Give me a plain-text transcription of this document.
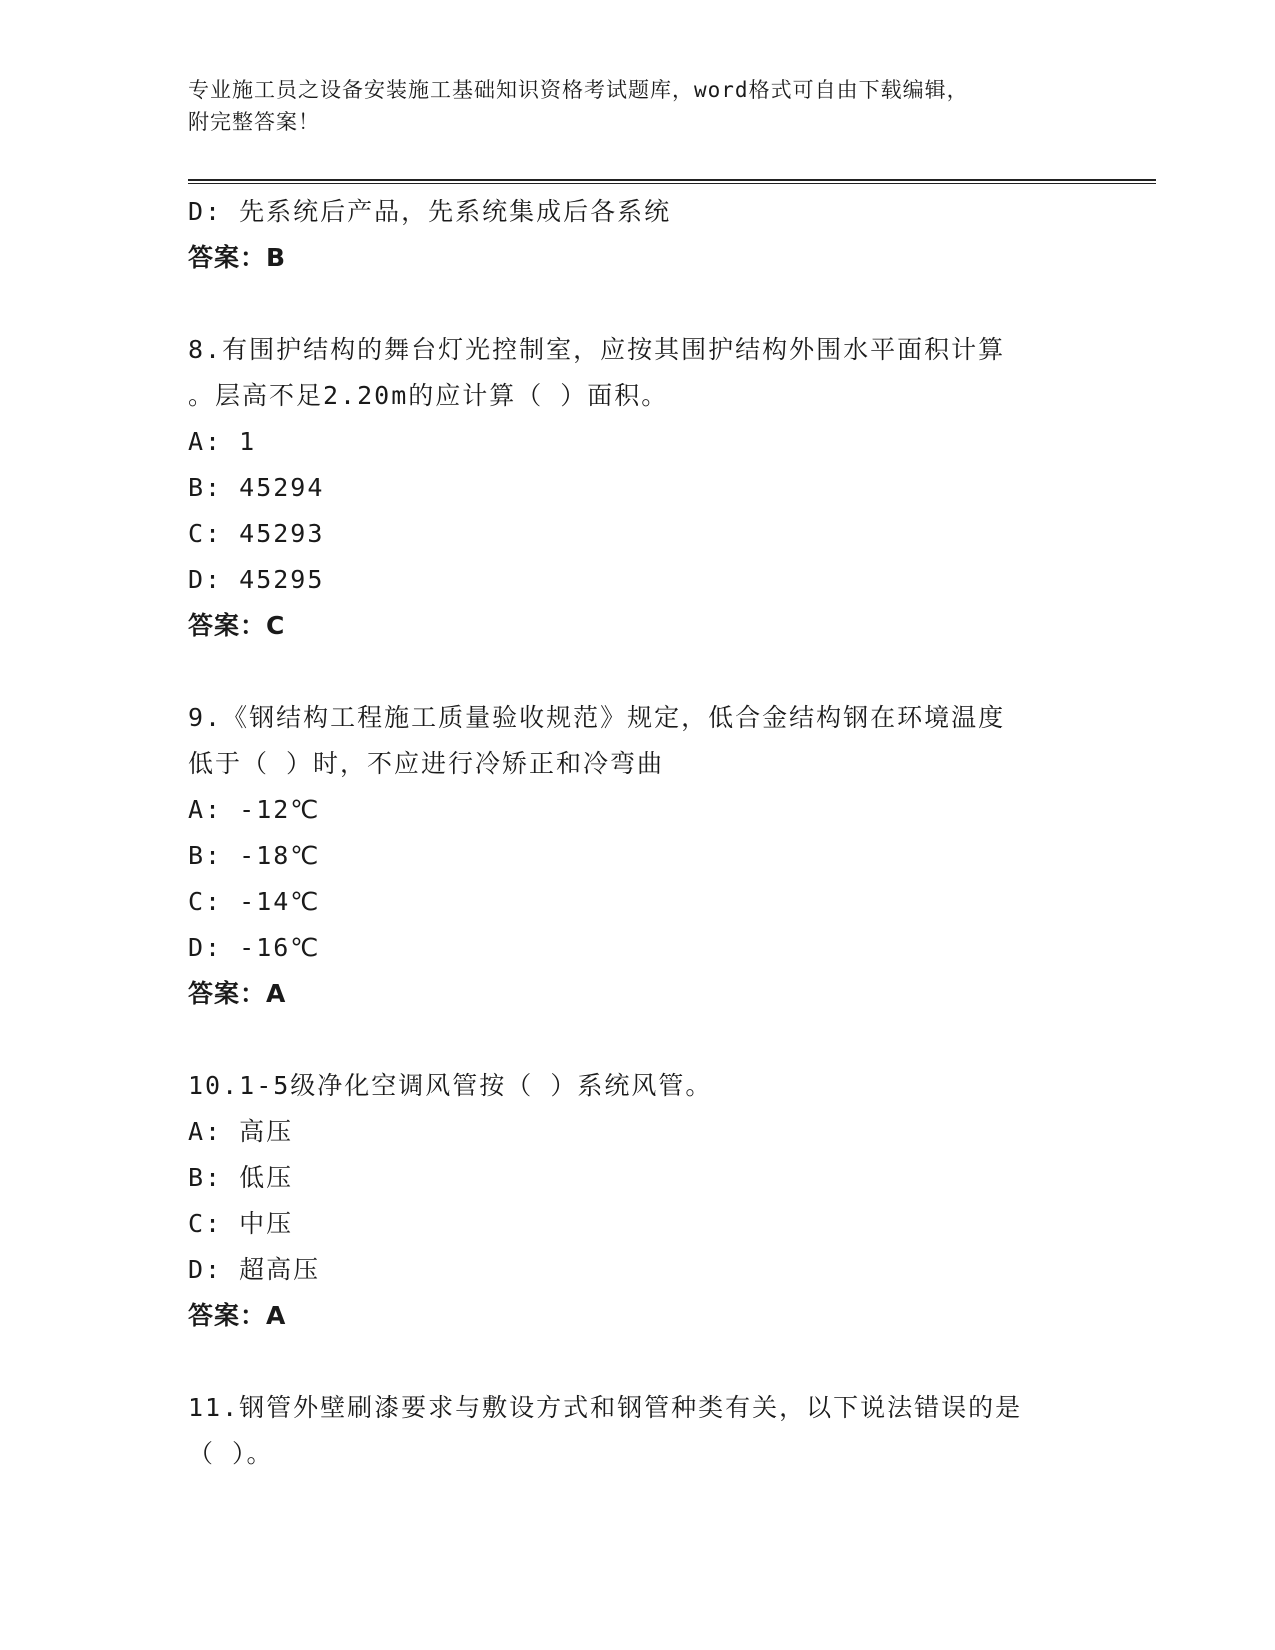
专业施工员之设备安装施工基础知识资格考试题库，word格式可自由下载编辑，
附完整答案！
D: 先系统后产品，先系统集成后各系统
答案：B
8.有围护结构的舞台灯光控制室，应按其围护结构外围水平面积计算
。层高不足2.20m的应计算（ ）面积。
A: 1
B: 45294
C: 45293
D: 45295
答案：C
9.《钢结构工程施工质量验收规范》规定，低合金结构钢在环境温度
低于（ ）时，不应进行冷矫正和冷弯曲
A: -12℃
B: -18℃
C: -14℃
D: -16℃
答案：A
10.1-5级净化空调风管按（ ）系统风管。
A: 高压
B: 低压
C: 中压
D: 超高压
答案：A
11.钢管外壁刷漆要求与敷设方式和钢管种类有关，以下说法错误的是
（ ）。
